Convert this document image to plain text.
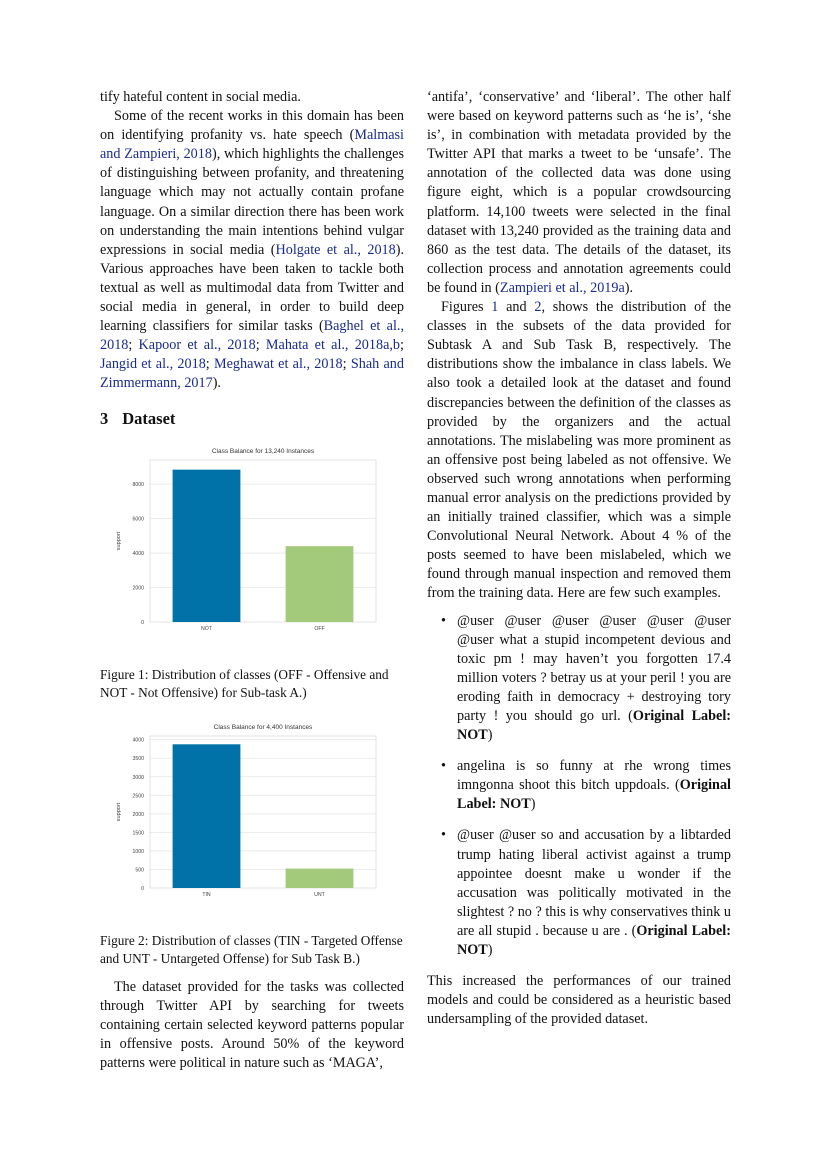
tify hateful content in social media.

Some of the recent works in this domain has been on identifying profanity vs. hate speech (Malmasi and Zampieri, 2018), which highlights the challenges of distinguishing between profanity, and threatening language which may not actually contain profane language. On a similar direction there has been work on understanding the main intentions behind vulgar expressions in social media (Holgate et al., 2018). Various approaches have been taken to tackle both textual as well as multimodal data from Twitter and social media in general, in order to build deep learning classifiers for similar tasks (Baghel et al., 2018; Kapoor et al., 2018; Mahata et al., 2018a,b; Jangid et al., 2018; Meghawat et al., 2018; Shah and Zimmermann, 2017).

3 Dataset
Class Balance for 13,240 Instances
0
2000
4000
6000
8000
support
NOT	OFF
Figure 1: Distribution of classes (OFF - Offensive and NOT - Not Offensive) for Sub-task A.)
Class Balance for 4,400 Instances
0
500
1000
1500
2000
2500
3000
3500
4000
support
TIN	UNT
Figure 2: Distribution of classes (TIN - Targeted Offense and UNT - Untargeted Offense) for Sub Task B.)

The dataset provided for the tasks was collected through Twitter API by searching for tweets containing certain selected keyword patterns popular in offensive posts. Around 50% of the keyword patterns were political in nature such as ‘MAGA’,

‘antifa’, ‘conservative’ and ‘liberal’. The other half were based on keyword patterns such as ‘he is’, ‘she is’, in combination with metadata provided by the Twitter API that marks a tweet to be ‘unsafe’. The annotation of the collected data was done using figure eight, which is a popular crowdsourcing platform. 14,100 tweets were selected in the final dataset with 13,240 provided as the training data and 860 as the test data. The details of the dataset, its collection process and annotation agreements could be found in (Zampieri et al., 2019a).

Figures 1 and 2, shows the distribution of the classes in the subsets of the data provided for Subtask A and Sub Task B, respectively. The distributions show the imbalance in class labels. We also took a detailed look at the dataset and found discrepancies between the definition of the classes as provided by the organizers and the actual annotations. The mislabeling was more prominent as an offensive post being labeled as not offensive. We observed such wrong annotations when performing manual error analysis on the predictions provided by an initially trained classifier, which was a simple Convolutional Neural Network. About 4 % of the posts seemed to have been mislabeled, which we found through manual inspection and removed them from the training data. Here are few such examples.

• @user @user @user @user @user @user @user what a stupid incompetent devious and toxic pm ! may haven’t you forgotten 17.4 million voters ? betray us at your peril ! you are eroding faith in democracy + destroying tory party ! you should go url. (Original Label: NOT)
• angelina is so funny at rhe wrong times imngonna shoot this bitch uppdoals. (Original Label: NOT)
• @user @user so and accusation by a libtarded trump hating liberal activist against a trump appointee doesnt make u wonder if the accusation was politically motivated in the slightest ? no ? this is why conservatives think u are all stupid . because u are . (Original Label: NOT)

This increased the performances of our trained models and could be considered as a heuristic based undersampling of the provided dataset.
